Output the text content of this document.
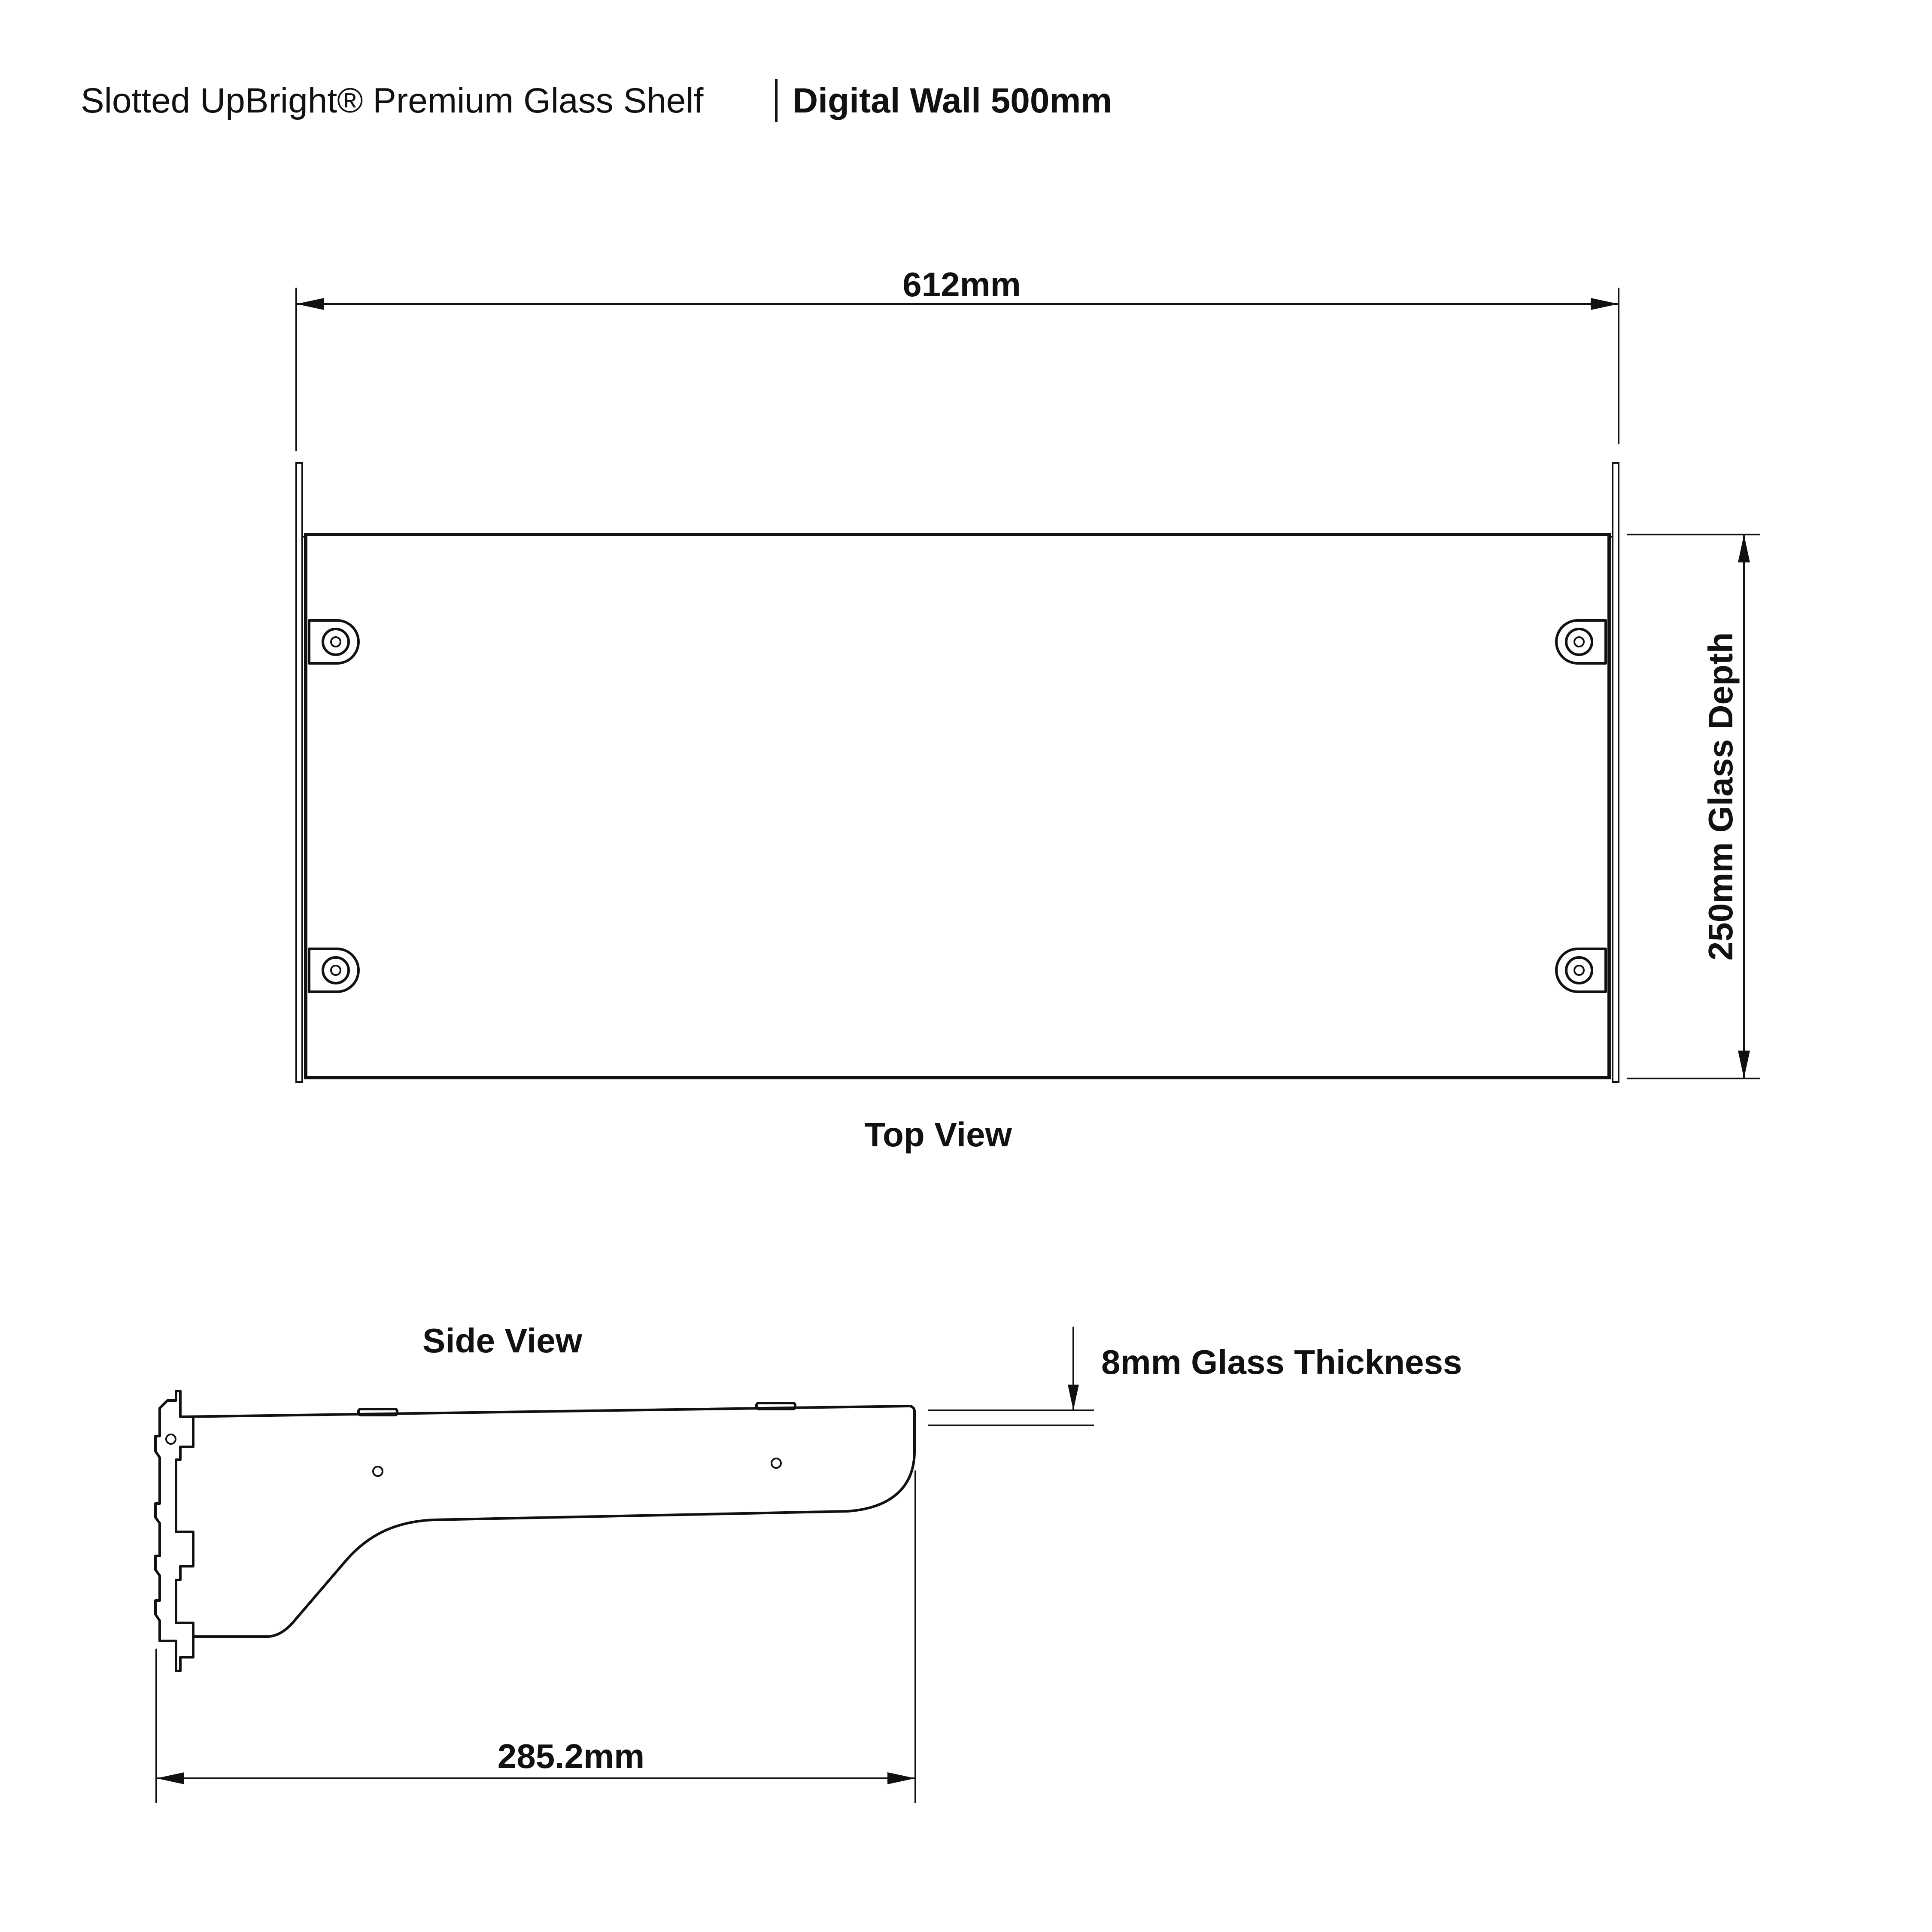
Slotted UpBright® Premium Glass Shelf	Digital Wall 500mm
612mm
250mm Glass Depth
Top View
Side View
8mm Glass Thickness
285.2mm
